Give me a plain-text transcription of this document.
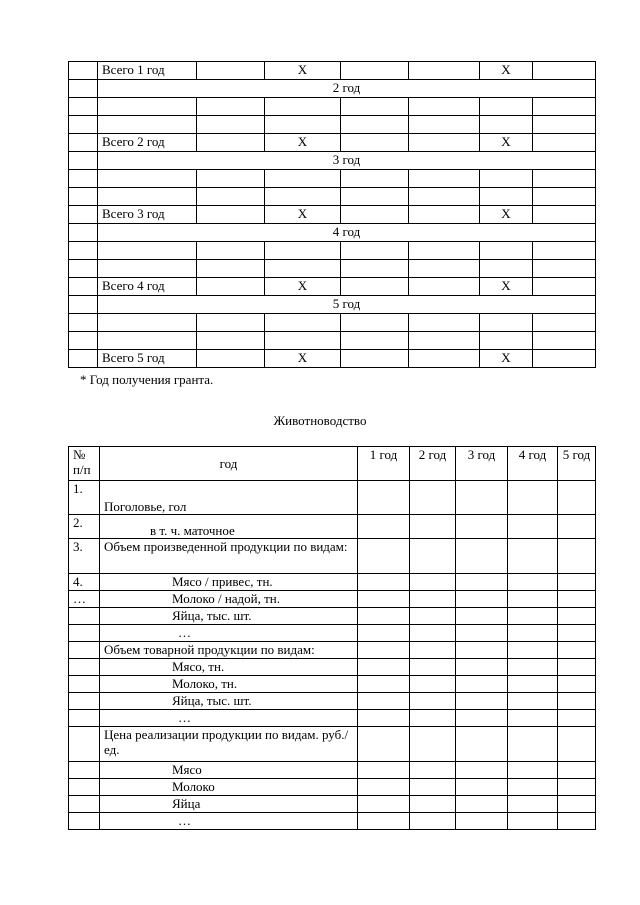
	Всего 1 год		Х			Х	
	2 год						

	Всего 2 год		Х			Х	
	3 год						

	Всего 3 год		Х			Х	
	4 год						

	Всего 4 год		Х			Х	
	5 год						

	Всего 5 год		Х			Х	
* Год получения гранта.
Животноводство
№ п/п	год	1 год	2 год	3 год	4 год	5 год
1.	Поголовье, гол					
2.	в т. ч. маточное					
3.	Объем произведенной продукции по видам:					
4.	Мясо / привес, тн.					
…	Молоко / надой, тн.					
	Яйца, тыс. шт.					
	…					
	Объем товарной продукции по видам:					
	Мясо, тн.					
	Молоко, тн.					
	Яйца, тыс. шт.					
	…					
	Цена реализации продукции по видам. руб./ед.					
	Мясо					
	Молоко					
	Яйца					
	…					
